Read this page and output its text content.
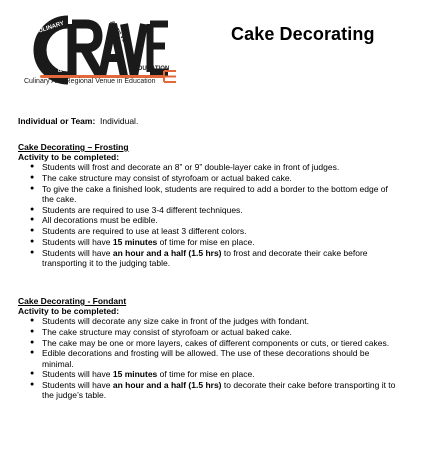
CULINARY
REGIONAL
ARTS
VENUE
EDUCATION
Culinary Arts Regional Venue in Education
Cake Decorating
Individual or Team: Individual.
Cake Decorating – Frosting
Activity to be completed:
● Students will frost and decorate an 8” or 9” double-layer cake in front of judges.
● The cake structure may consist of styrofoam or actual baked cake.
● To give the cake a finished look, students are required to add a border to the bottom edge of the cake.
● Students are required to use 3-4 different techniques.
● All decorations must be edible.
● Students are required to use at least 3 different colors.
● Students will have 15 minutes of time for mise en place.
● Students will have an hour and a half (1.5 hrs) to frost and decorate their cake before transporting it to the judging table.
Cake Decorating - Fondant
Activity to be completed:
● Students will decorate any size cake in front of the judges with fondant.
● The cake structure may consist of styrofoam or actual baked cake.
● The cake may be one or more layers, cakes of different components or cuts, or tiered cakes.
● Edible decorations and frosting will be allowed. The use of these decorations should be minimal.
● Students will have 15 minutes of time for mise en place.
● Students will have an hour and a half (1.5 hrs) to decorate their cake before transporting it to the judge’s table.
